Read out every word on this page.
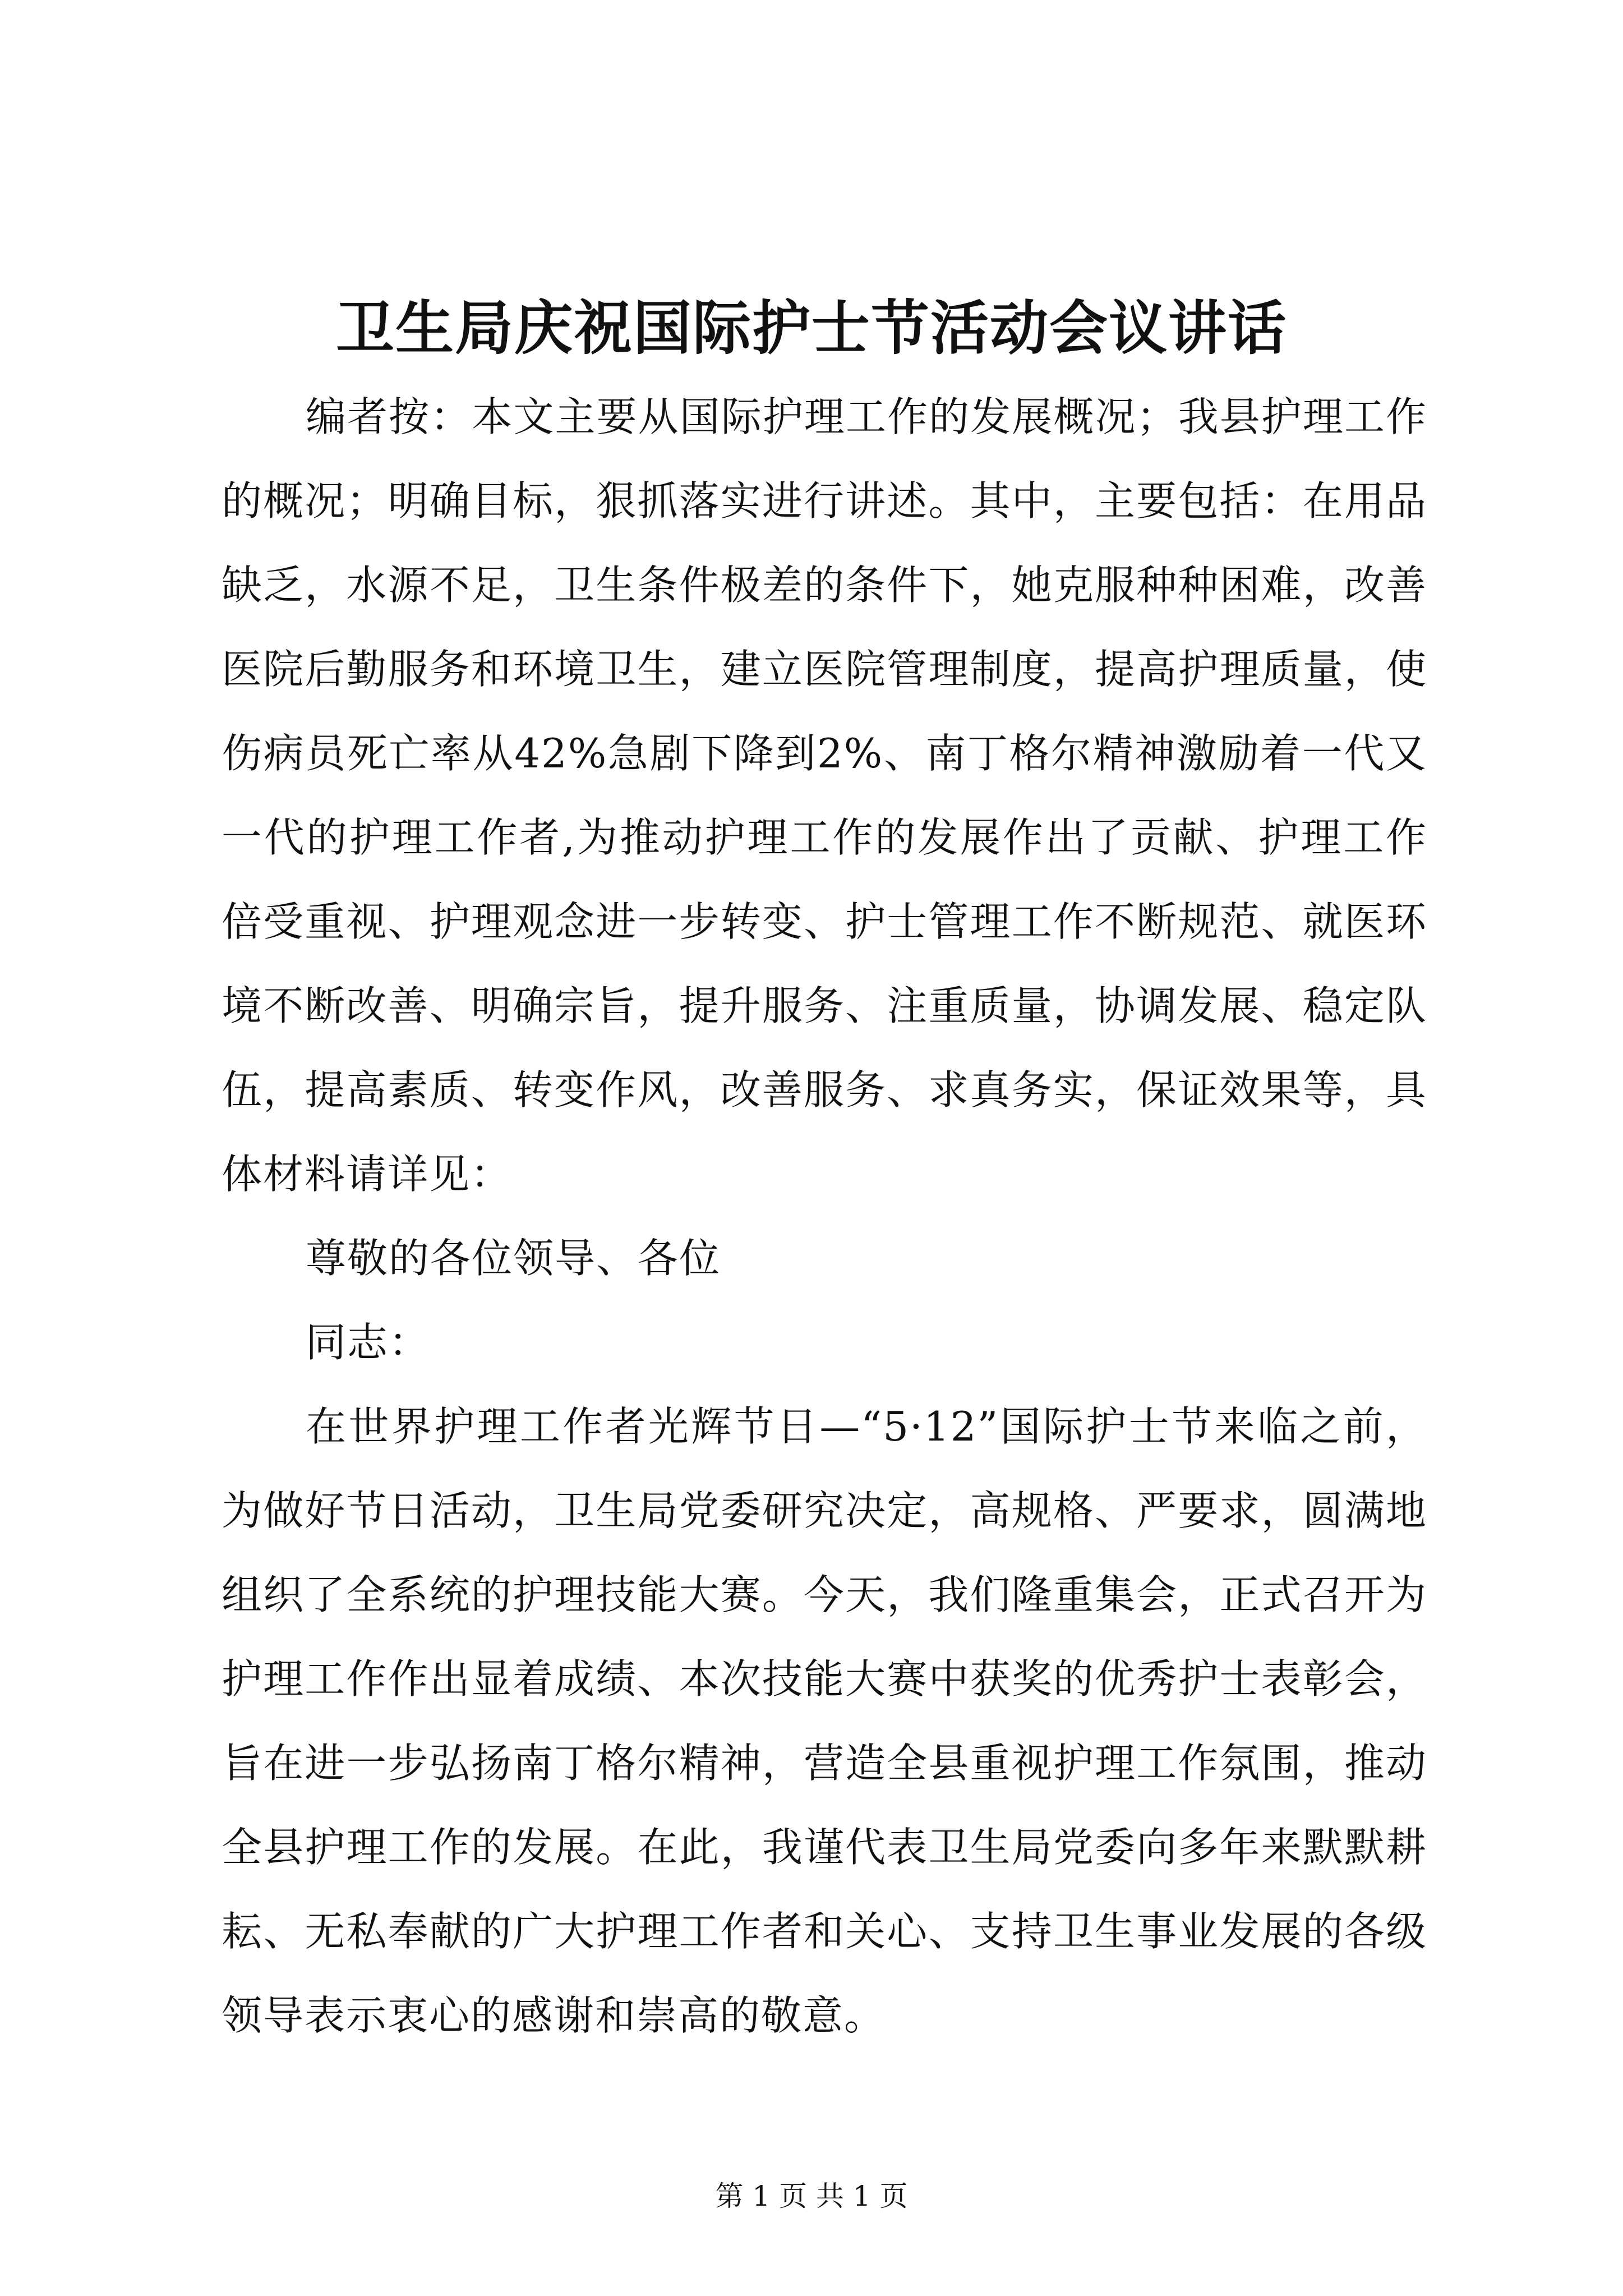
卫生局庆祝国际护士节活动会议讲话

编者按：本文主要从国际护理工作的发展概况；我县护理工作的概况；明确目标，狠抓落实进行讲述。其中，主要包括：在用品缺乏，水源不足，卫生条件极差的条件下，她克服种种困难，改善医院后勤服务和环境卫生，建立医院管理制度，提高护理质量，使伤病员死亡率从42%急剧下降到2%、南丁格尔精神激励着一代又一代的护理工作者,为推动护理工作的发展作出了贡献、护理工作倍受重视、护理观念进一步转变、护士管理工作不断规范、就医环境不断改善、明确宗旨，提升服务、注重质量，协调发展、稳定队伍，提高素质、转变作风，改善服务、求真务实，保证效果等，具体材料请详见：

尊敬的各位领导、各位

同志：

在世界护理工作者光辉节日—“5·12”国际护士节来临之前，为做好节日活动，卫生局党委研究决定，高规格、严要求，圆满地组织了全系统的护理技能大赛。今天，我们隆重集会，正式召开为护理工作作出显着成绩、本次技能大赛中获奖的优秀护士表彰会，旨在进一步弘扬南丁格尔精神，营造全县重视护理工作氛围，推动全县护理工作的发展。在此，我谨代表卫生局党委向多年来默默耕耘、无私奉献的广大护理工作者和关心、支持卫生事业发展的各级领导表示衷心的感谢和崇高的敬意。

第 1 页 共 1 页
